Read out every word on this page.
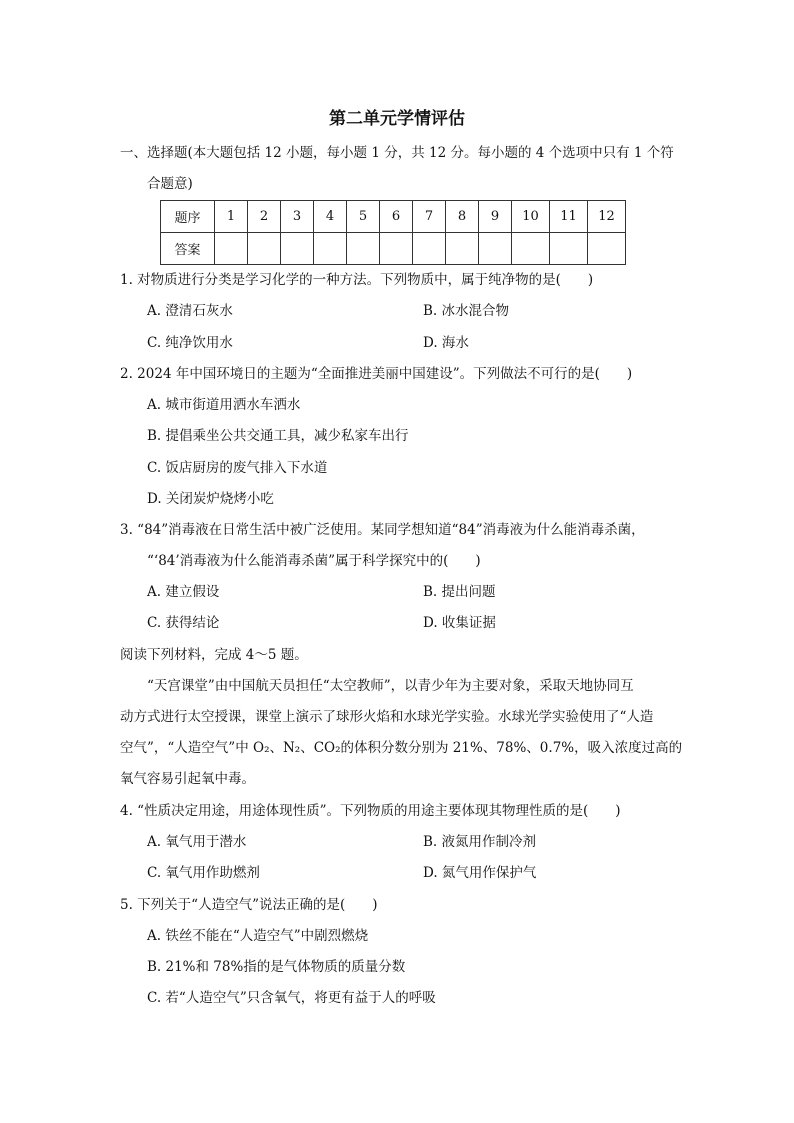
第二单元学情评估
一、选择题(本大题包括 12 小题，每小题 1 分，共 12 分。每小题的 4 个选项中只有 1 个符
合题意)
题序	1	2	3	4	5	6	7	8	9	10	11	12
答案												
1. 对物质进行分类是学习化学的一种方法。下列物质中，属于纯净物的是(　　)
A. 澄清石灰水	B. 冰水混合物
C. 纯净饮用水	D. 海水
2. 2024 年中国环境日的主题为“全面推进美丽中国建设”。下列做法不可行的是(　　)
A. 城市街道用洒水车洒水
B. 提倡乘坐公共交通工具，减少私家车出行
C. 饭店厨房的废气排入下水道
D. 关闭炭炉烧烤小吃
3. “84”消毒液在日常生活中被广泛使用。某同学想知道“84”消毒液为什么能消毒杀菌，
“‘84’消毒液为什么能消毒杀菌”属于科学探究中的(　　)
A. 建立假设	B. 提出问题
C. 获得结论	D. 收集证据
阅读下列材料，完成 4～5 题。
“天宫课堂”由中国航天员担任“太空教师”，以青少年为主要对象，采取天地协同互
动方式进行太空授课，课堂上演示了球形火焰和水球光学实验。水球光学实验使用了“人造
空气”，“人造空气”中 O₂、N₂、CO₂的体积分数分别为 21%、78%、0.7%，吸入浓度过高的
氧气容易引起氧中毒。
4. “性质决定用途，用途体现性质”。下列物质的用途主要体现其物理性质的是(　　)
A. 氧气用于潜水	B. 液氮用作制冷剂
C. 氧气用作助燃剂	D. 氮气用作保护气
5. 下列关于“人造空气”说法正确的是(　　)
A. 铁丝不能在“人造空气”中剧烈燃烧
B. 21%和 78%指的是气体物质的质量分数
C. 若“人造空气”只含氧气，将更有益于人的呼吸
